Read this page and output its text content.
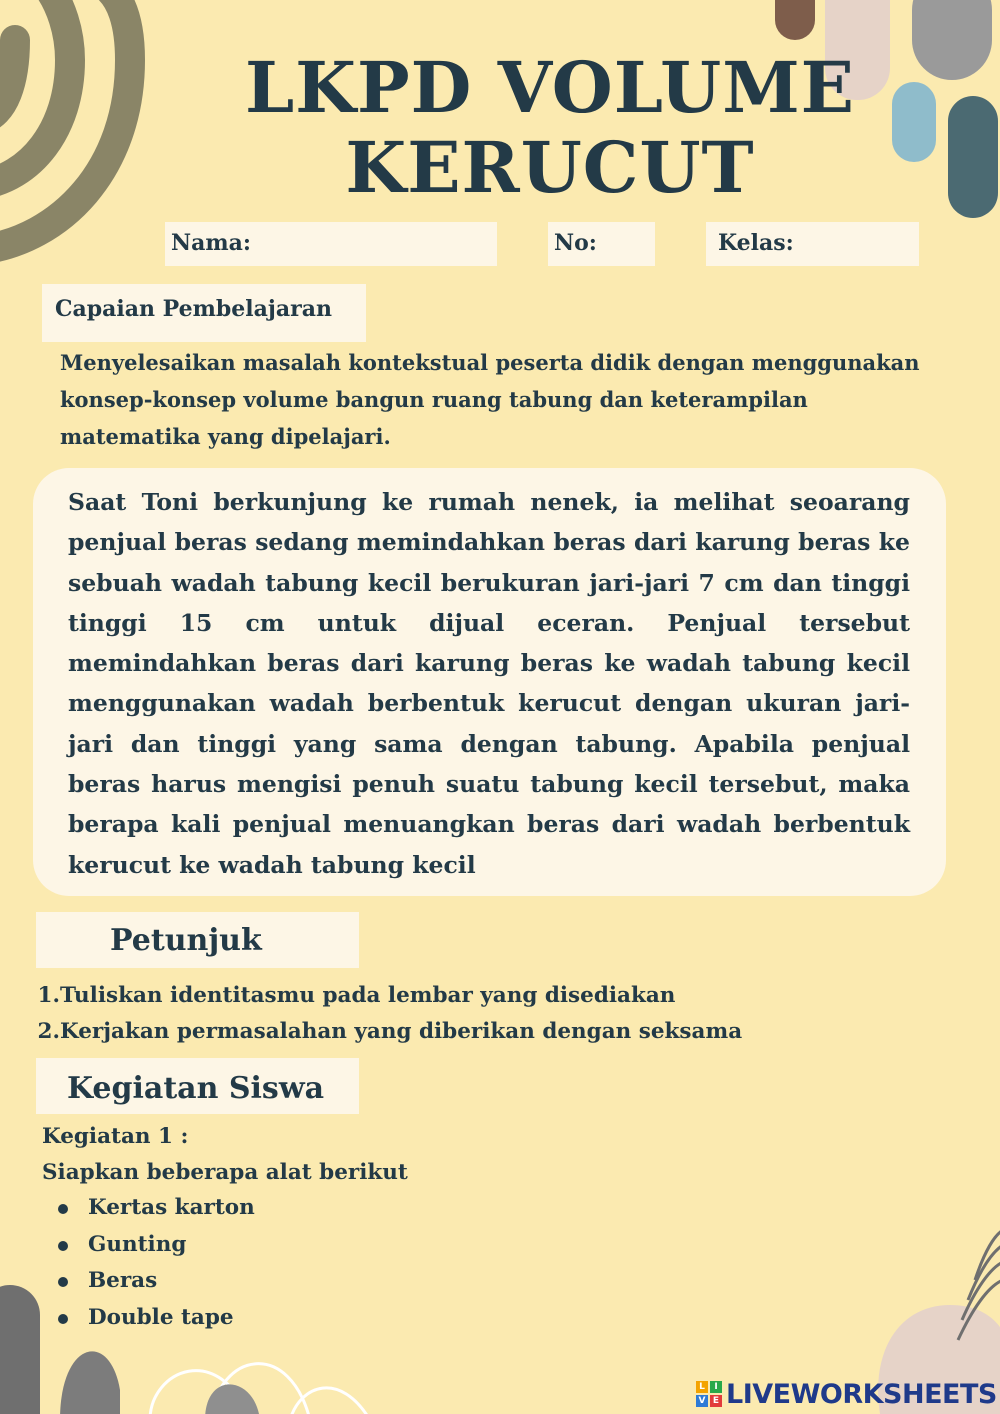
LKPD VOLUME
KERUCUT
Nama:	No:	Kelas:
Capaian Pembelajaran
Menyelesaikan masalah kontekstual peserta didik dengan menggunakan
konsep-konsep volume bangun ruang tabung dan keterampilan
matematika yang dipelajari.
Saat Toni berkunjung ke rumah nenek, ia melihat seoarang penjual beras sedang memindahkan beras dari karung beras ke sebuah wadah tabung kecil berukuran jari-jari 7 cm dan tinggi tinggi 15 cm untuk dijual eceran. Penjual tersebut memindahkan beras dari karung beras ke wadah tabung kecil menggunakan wadah berbentuk kerucut dengan ukuran jari-jari dan tinggi yang sama dengan tabung. Apabila penjual beras harus mengisi penuh suatu tabung kecil tersebut, maka berapa kali penjual menuangkan beras dari wadah berbentuk kerucut ke wadah tabung kecil
Petunjuk
1.Tuliskan identitasmu pada lembar yang disediakan
2.Kerjakan permasalahan yang diberikan dengan seksama
Kegiatan Siswa
Kegiatan 1 :
Siapkan beberapa alat berikut
Kertas karton
Gunting
Beras
Double tape
L	I
V E LIVEWORKSHEETS
